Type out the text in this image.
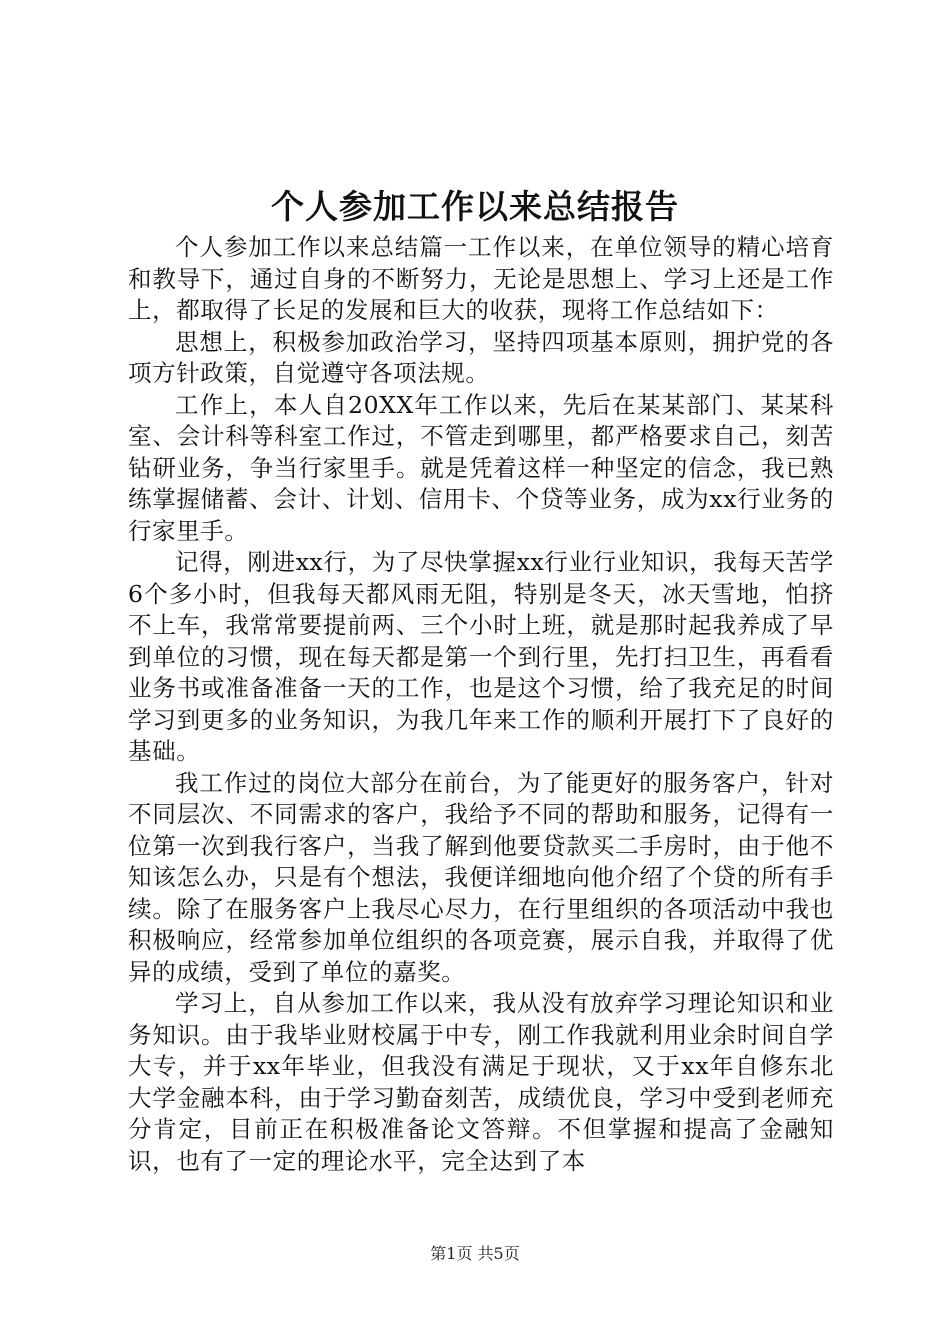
个人参加工作以来总结报告

个人参加工作以来总结篇一工作以来，在单位领导的精心培育和教导下，通过自身的不断努力，无论是思想上、学习上还是工作上，都取得了长足的发展和巨大的收获，现将工作总结如下：

思想上，积极参加政治学习，坚持四项基本原则，拥护党的各项方针政策，自觉遵守各项法规。

工作上，本人自20XX年工作以来，先后在某某部门、某某科室、会计科等科室工作过，不管走到哪里，都严格要求自己，刻苦钻研业务，争当行家里手。就是凭着这样一种坚定的信念，我已熟练掌握储蓄、会计、计划、信用卡、个贷等业务，成为xx行业务的行家里手。

记得，刚进xx行，为了尽快掌握xx行业行业知识，我每天苦学6个多小时，但我每天都风雨无阻，特别是冬天，冰天雪地，怕挤不上车，我常常要提前两、三个小时上班，就是那时起我养成了早到单位的习惯，现在每天都是第一个到行里，先打扫卫生，再看看业务书或准备准备一天的工作，也是这个习惯，给了我充足的时间学习到更多的业务知识，为我几年来工作的顺利开展打下了良好的基础。

我工作过的岗位大部分在前台，为了能更好的服务客户，针对不同层次、不同需求的客户，我给予不同的帮助和服务，记得有一位第一次到我行客户，当我了解到他要贷款买二手房时，由于他不知该怎么办，只是有个想法，我便详细地向他介绍了个贷的所有手续。除了在服务客户上我尽心尽力，在行里组织的各项活动中我也积极响应，经常参加单位组织的各项竞赛，展示自我，并取得了优异的成绩，受到了单位的嘉奖。

学习上，自从参加工作以来，我从没有放弃学习理论知识和业务知识。由于我毕业财校属于中专，刚工作我就利用业余时间自学大专，并于xx年毕业，但我没有满足于现状，又于xx年自修东北大学金融本科，由于学习勤奋刻苦，成绩优良，学习中受到老师充分肯定，目前正在积极准备论文答辩。不但掌握和提高了金融知识，也有了一定的理论水平，完全达到了本

第1页 共5页
